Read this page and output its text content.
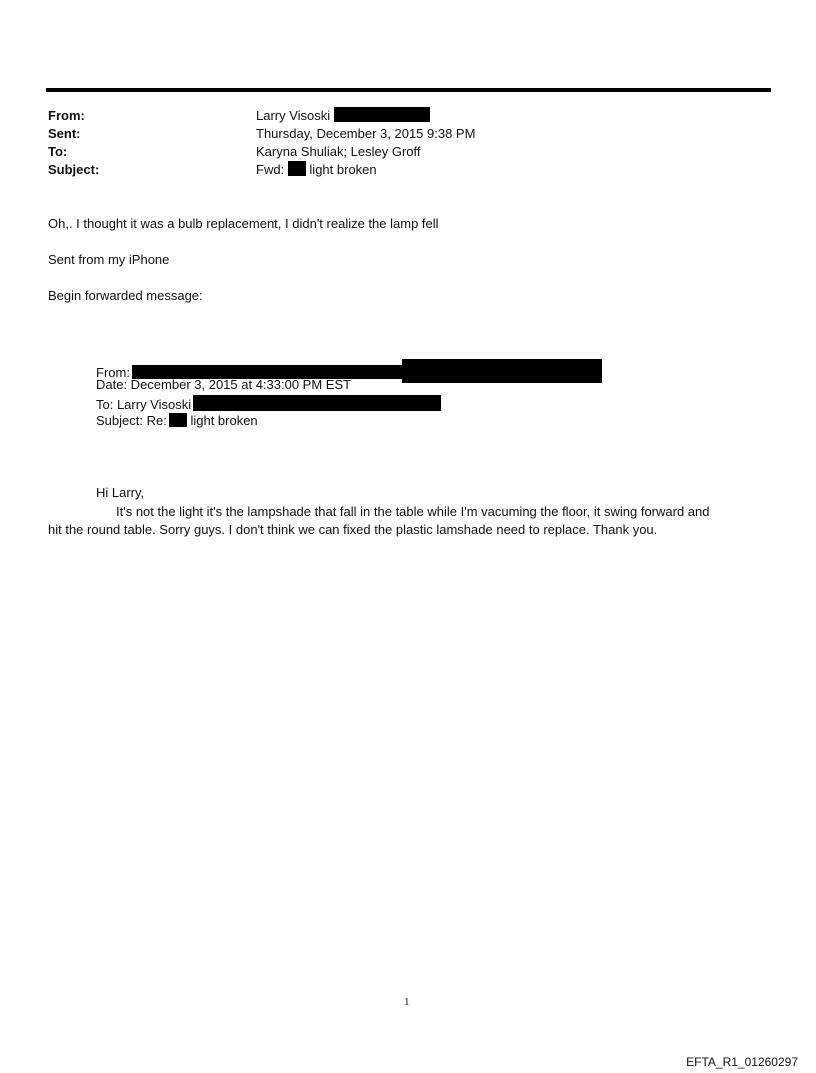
From:	Larry Visoski
Sent:	Thursday, December 3, 2015 9:38 PM
To:	Karyna Shuliak; Lesley Groff
Subject:	Fwd: light broken
Oh,. I thought it was a bulb replacement, I didn't realize the lamp fell
Sent from my iPhone
Begin forwarded message:
From:
Date: December 3, 2015 at 4:33:00 PM EST
To: Larry Visoski
Subject: Re: light broken
Hi Larry,
It's not the light it's the lampshade that fall in the table while I'm vacuming the floor, it swing forward and
hit the round table. Sorry guys. I don't think we can fixed the plastic lamshade need to replace. Thank you.
1
EFTA_R1_01260297
